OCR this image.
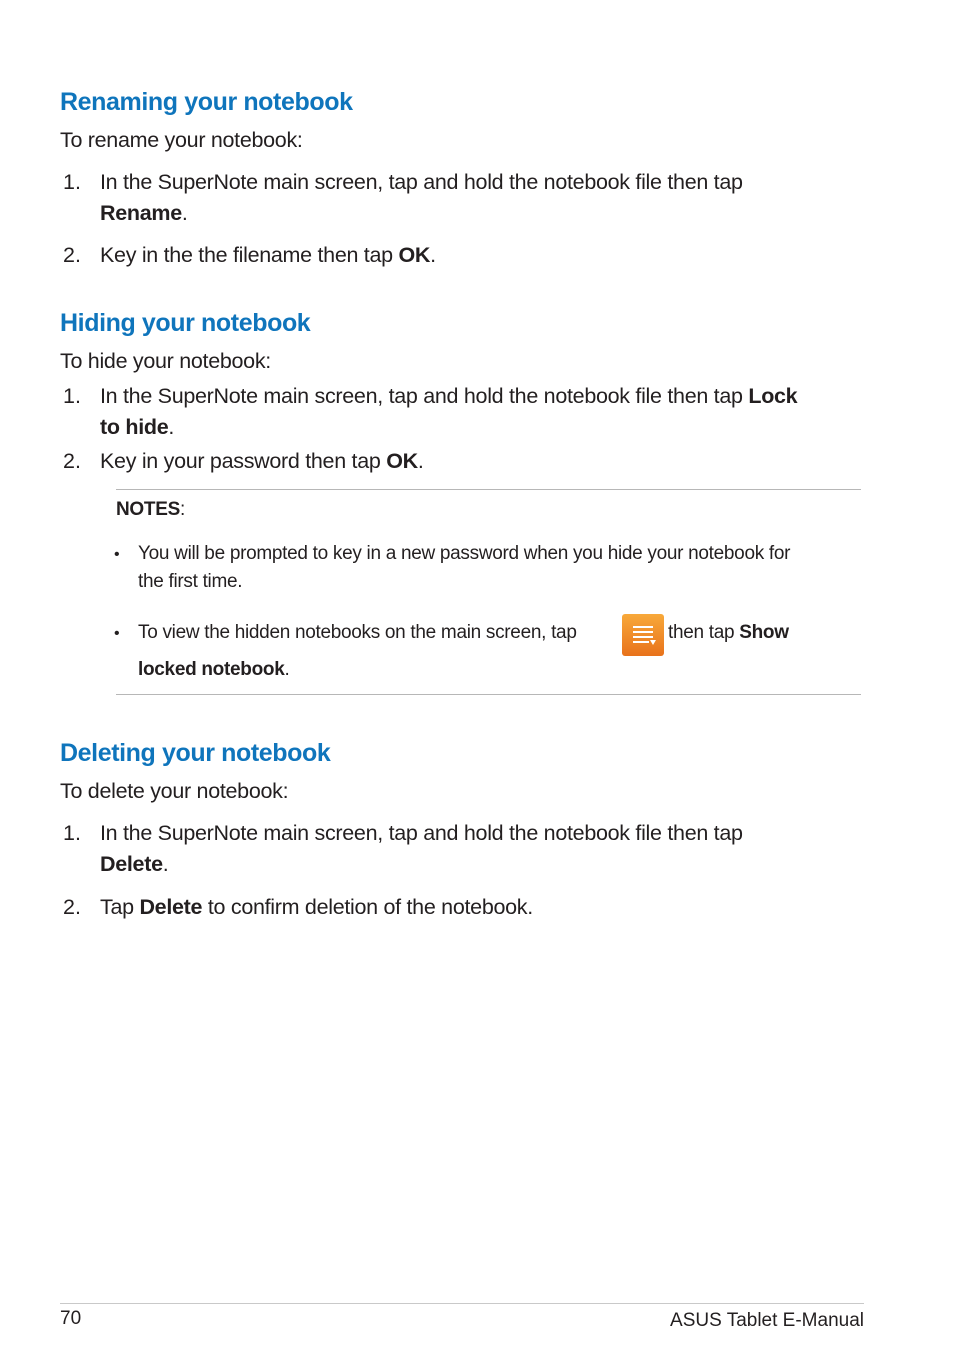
Renaming your notebook
To rename your notebook:
1. In the SuperNote main screen, tap and hold the notebook file then tap
Rename.
2. Key in the the filename then tap OK.
Hiding your notebook
To hide your notebook:
1. In the SuperNote main screen, tap and hold the notebook file then tap Lock
to hide.
2. Key in your password then tap OK.
NOTES:
• You will be prompted to key in a new password when you hide your notebook for
the first time.
• To view the hidden notebooks on the main screen, tap	then tap Show
locked notebook.
Deleting your notebook
To delete your notebook:
1. In the SuperNote main screen, tap and hold the notebook file then tap
Delete.
2. Tap Delete to confirm deletion of the notebook.
70	ASUS Tablet E-Manual
